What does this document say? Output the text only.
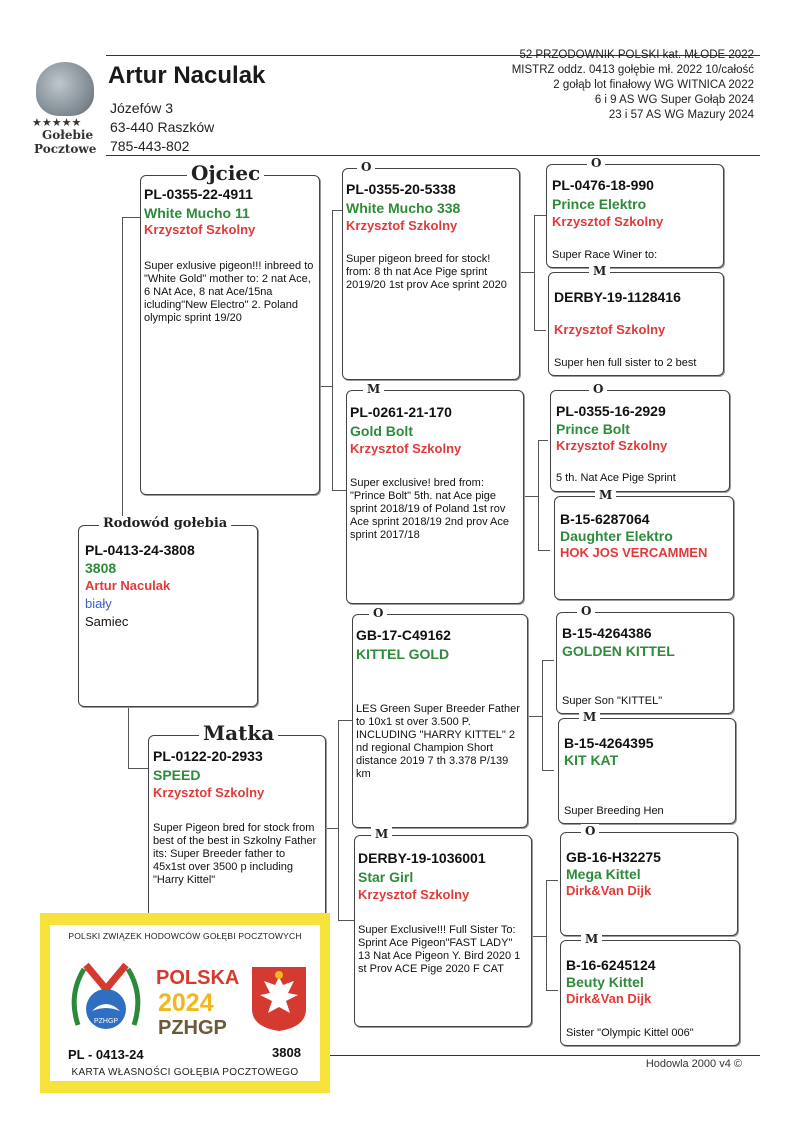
★★★★★
Gołebie
Pocztowe
Artur Naculak
Józefów 3
63-440 Raszków
785-443-802
52 PRZODOWNIK POLSKI kat. MŁODE 2022
MISTRZ oddz. 0413 gołębie mł. 2022 10/całość
2 gołąb lot finałowy WG WITNICA 2022
6 i 9 AS WG Super Gołąb 2024
23 i 57 AS WG Mazury 2024
Rodowód gołebia
PL-0413-24-3808
3808
Artur Naculak
biały
Samiec
Ojciec
PL-0355-22-4911
White Mucho 11
Krzysztof Szkolny
Super exlusive pigeon!!! inbreed to "White Gold" mother to: 2 nat Ace, 6 NAt Ace, 8 nat Ace/15na icluding"New Electro" 2. Poland olympic sprint 19/20
Matka
PL-0122-20-2933
SPEED
Krzysztof Szkolny
Super Pigeon bred for stock from best of the best in Szkolny Father its: Super Breeder father to 45x1st over 3500 p including "Harry Kittel"
O
PL-0355-20-5338
White Mucho 338
Krzysztof Szkolny
Super pigeon breed for stock! from: 8 th nat Ace Pige sprint 2019/20 1st prov Ace sprint 2020
M
PL-0261-21-170
Gold Bolt
Krzysztof Szkolny
Super exclusive! bred from: "Prince Bolt" 5th. nat Ace pige sprint 2018/19 of Poland 1st rov Ace sprint 2018/19 2nd prov Ace sprint 2017/18
O
GB-17-C49162
KITTEL GOLD
LES Green Super Breeder Father to 10x1 st over 3.500 P. INCLUDING "HARRY KITTEL" 2 nd regional Champion Short distance 2019 7 th 3.378 P/139 km
M
DERBY-19-1036001
Star Girl
Krzysztof Szkolny
Super Exclusive!!! Full Sister To: Sprint Ace Pigeon"FAST LADY" 13 Nat Ace Pigeon Y. Bird 2020 1 st Prov ACE Pige 2020 F CAT
O
PL-0476-18-990
Prince Elektro
Krzysztof Szkolny
Super Race Winer to:
M
DERBY-19-1128416
Krzysztof Szkolny
Super hen full sister to 2 best
O
PL-0355-16-2929
Prince Bolt
Krzysztof Szkolny
5 th. Nat Ace Pige Sprint
M
B-15-6287064
Daughter Elektro
HOK JOS VERCAMMEN
O
B-15-4264386
GOLDEN KITTEL
Super Son "KITTEL"
M
B-15-4264395
KIT KAT
Super Breeding Hen
O
GB-16-H32275
Mega Kittel
Dirk&Van Dijk
M
B-16-6245124
Beuty Kittel
Dirk&Van Dijk
Sister "Olympic Kittel 006"
Hodowla 2000 v4 ©
POLSKI ZWIĄZEK HODOWCÓW GOŁĘBI POCZTOWYCH
PZHGP
POLSKA
2024
PZHGP
PL - 0413-24	3808
KARTA WŁASNOŚCI GOŁĘBIA POCZTOWEGO
